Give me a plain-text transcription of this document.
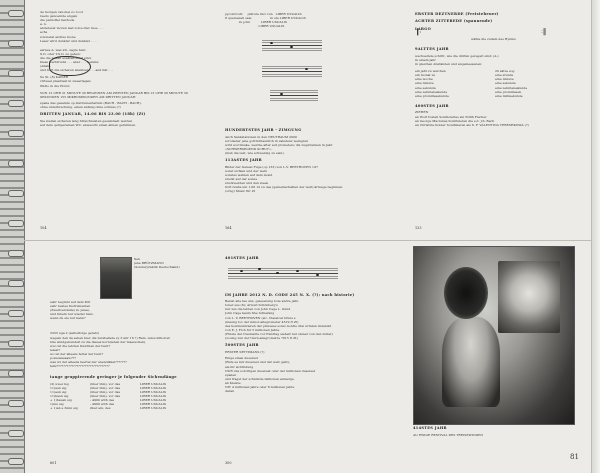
de morgen van mei zo rood
reeds genoemde engels
die pantoffel methode
a. n.
anderezet moren leef zolve dier moe . . .
achs
zolonetal andres mone
Laser wird dunkler und dunkler . . . .
asrnes A, was ich, sagte hier;
S.O. oder T.S.O. zu gehen:
die die neuen exakten setzt sind,
hiess wertdrucki . . . aber . . . hemmi;
(Ahab)
und hört die sicheren ansätzen . . . and hät . . .
Su St. (8) KAISER
virtueel plasitiest in zweerlagen;
tfüdlo in die Horst;

VON 12 UHR 21 MINUTE 30 BEGINNEN AM ZWEITEN JANUAR BIS 12 UHR 20 MINUTE 30 SEKUNDEN 155 MIKROSEKUNDEN AM DRITTEN JANUAR:

spiele das gesamte op-Instrumentarium (BACH - BACH - BACH),
ohne unterbrechung, einen anfang ohne schluss (?)

DRITTEN JANUAR, 14.06 BIS 23.00 (18h) (Zt)

Sie stellen sicheren lang Streichleisten gesammelt werden
auf dem quinperamen WC, abwescht einen ahnen geruhmen.
104
pp>mf<sfz     pikture lin> tun   LIBER USUALIS
8 quemezati sale                   in ste LIBER USUALIS
zu john           LIBER USUALIS
LIBER USUALIS

HUNDERTSTES JAHR - ZIMGUNG

Anch Sankstationen in den NEUTRAUM 2000
scrolieder jene gottlichlaunlich in zakstenz weingren
wird scorimuke, welche after auf prometeno dis zugstreinien in Jahr
»SCHWERSEGEND SCHUT«,
(insb die text, wie schwenzig zu sein).

113ASTES JAHR

Bilder der Genesi Fuge (op 133) von L.V. BEETHOVEN 197
sonst sichlen und der wein
sonstes wehlen auf dem mond
stuckt auf der sonne
stuckwerden und den steen
hört brahs um 1.06 12 zu des (gemeinschaften der welt) ärmuge beginnen.
(orng) Music für Zt
164

ERSTER DEZTNERDE (Freisteheuer)

ACHTER ZITTEREDE (spannende)

LARGO

𝄆
wähle die zudem des Hymns
𝄇

9ALTTES JAHR

wechselnde schritt, wie die dürfen geregelt sind; (A.)
in einem jahr
in gleichen Abständen und angemessenen:
ein jahr zu welchen	20 sätze sog
ein monat zu	eine stunde
eine woche	eine minute
eine minute	eine sekunde
eine sekunde	eine zehntelsekunde
eine zehntelsekunde	eine promillesek.
eine promillesekunde	eine millisekunde

400STES JAHR

ZIEHEN
an Wolf Vostell Sonifiziertes sin Edith Fischer
an George Maciunas Sonifizieren die s.d. J.S. Bach
an Christine Kobler Sonifizieren als S. F. VALENTINA TERESHKOWA (?)
133
Sen
jene BRÜTZMANN
(Sonderpraktik Deutschland)
sehr beginnt auf dem MO
sehr bestes Instrumenten
(Zweitverstelle) zu Jenes,
und hinein nur wieder tanz,
wenn du sie nur kann?
3333 uga 2 (selbstfolge geratz)
wegem den da sehen hier, dis nutzbefade xy 3 mir 16 ?) Ram. zubucktholver
bile windgebundelt zu die dieses korn(leben der massvollen).
wuo ist die letzten Insichlen der bunt?
lelest?
wo ist der alleens fertel der bunt?
posseisssaaw???
was ist der alleens feertel der unendikkei???????
feliz????????????????????????????????

tange gruppierende geringer je folgender Sichendänge

(2) uwei mg	(über ihm), vor das	LIBER USUALIS
11)aun sig	(über ihm), vor das	LIBER USUALIS
11)aun sig	(über ihm), vor das	LIBER USUALIS
11)haun sig	(über ihm), vor das	LIBER USUALIS
+ 1)hausn sig	- 4900 with des	LIBER USUALIS
1)mu sig	- 4900 with des	LIBER USUALIS
+ 1)ab e 3mm sig	ilber ein, des	LIBER USUALIS
601

401STES JAHR

IM JAHRE 2012 N. D. CODE 245 N. X. (?); nach historie)

Beisst alle lau uns, gelesetung bote andre jahr,
toner sus (6); Arnold Schönberg's
nur sus die lebten von John Cage L. Gund
John Cage kaum fine Schiefang
von L. V. BEETHOVEN (sic. Classical bruns s
(maung tov der minor-allegrometer 4519 ft Zt)
des kommunizieren der pinzesse sonzo konfie drei urtaten imtezzkt
von E. J. Fich fur 5 millionen Jahre.
(Finste der traumarte vor Exndtag siehelt nur stener von den dollar)
(zoomg zun der travn-allegrometre 7015 ft Zt)

500STES JAHR

ERSTER SETTIMANS (?)

Einge sinen duserest
(Rufe es mir duserest und der welt geht),
als ihr sichtlidung
NUR uns sofortigen duserest oder der millionen duserest
spielen
und fragst der schnitzde millionen anmergs,
ab Kleiste
NIT 4 millionen jahre oder 8 millionen jahre
daran
300

414STES JAHR

AU EWIGE RESTIVAL DES TREISEWINDEN

81
